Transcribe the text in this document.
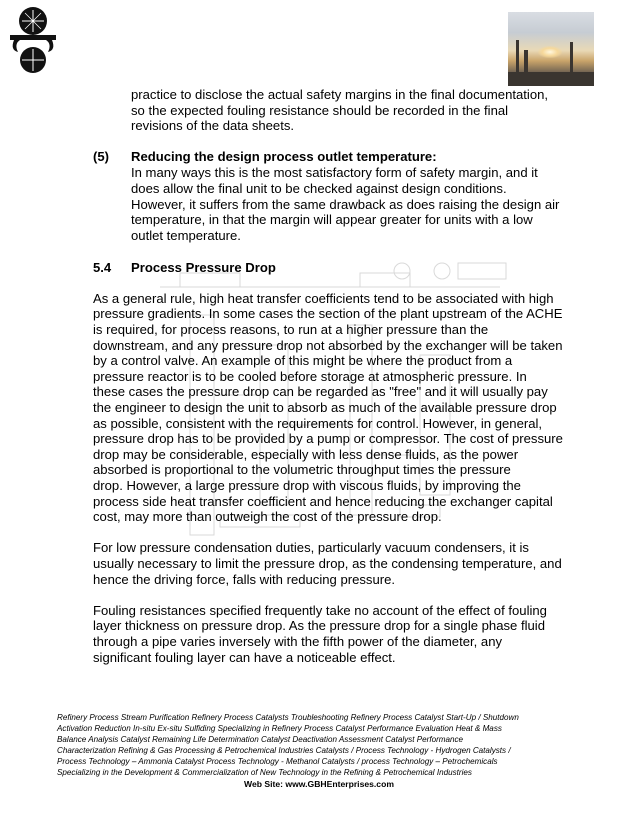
practice to disclose the actual safety margins in the final documentation,
so the expected fouling resistance should be recorded in the final
revisions of the data sheets.
(5) Reducing the design process outlet temperature:
In many ways this is the most satisfactory form of safety margin, and it
does allow the final unit to be checked against design conditions.
However, it suffers from the same drawback as does raising the design air
temperature, in that the margin will appear greater for units with a low
outlet temperature.
5.4 Process Pressure Drop
As a general rule, high heat transfer coefficients tend to be associated with high
pressure gradients. In some cases the section of the plant upstream of the ACHE
is required, for process reasons, to run at a higher pressure than the
downstream, and any pressure drop not absorbed by the exchanger will be taken
by a control valve. An example of this might be where the product from a
pressure reactor is to be cooled before storage at atmospheric pressure. In
these cases the pressure drop can be regarded as "free" and it will usually pay
the engineer to design the unit to absorb as much of the available pressure drop
as possible, consistent with the requirements for control. However, in general,
pressure drop has to be provided by a pump or compressor. The cost of pressure
drop may be considerable, especially with less dense fluids, as the power
absorbed is proportional to the volumetric throughput times the pressure
drop. However, a large pressure drop with viscous fluids, by improving the
process side heat transfer coefficient and hence reducing the exchanger capital
cost, may more than outweigh the cost of the pressure drop.
For low pressure condensation duties, particularly vacuum condensers, it is
usually necessary to limit the pressure drop, as the condensing temperature, and
hence the driving force, falls with reducing pressure.
Fouling resistances specified frequently take no account of the effect of fouling
layer thickness on pressure drop. As the pressure drop for a single phase fluid
through a pipe varies inversely with the fifth power of the diameter, any
significant fouling layer can have a noticeable effect.
Refinery Process Stream Purification Refinery Process Catalysts Troubleshooting Refinery Process Catalyst Start-Up / Shutdown
Activation Reduction In-situ Ex-situ Sulfiding Specializing in Refinery Process Catalyst Performance Evaluation Heat & Mass
Balance Analysis Catalyst Remaining Life Determination Catalyst Deactivation Assessment Catalyst Performance
Characterization Refining & Gas Processing & Petrochemical Industries Catalysts / Process Technology - Hydrogen Catalysts /
Process Technology – Ammonia Catalyst Process Technology - Methanol Catalysts / process Technology – Petrochemicals
Specializing in the Development & Commercialization of New Technology in the Refining & Petrochemical Industries
Web Site: www.GBHEnterprises.com
